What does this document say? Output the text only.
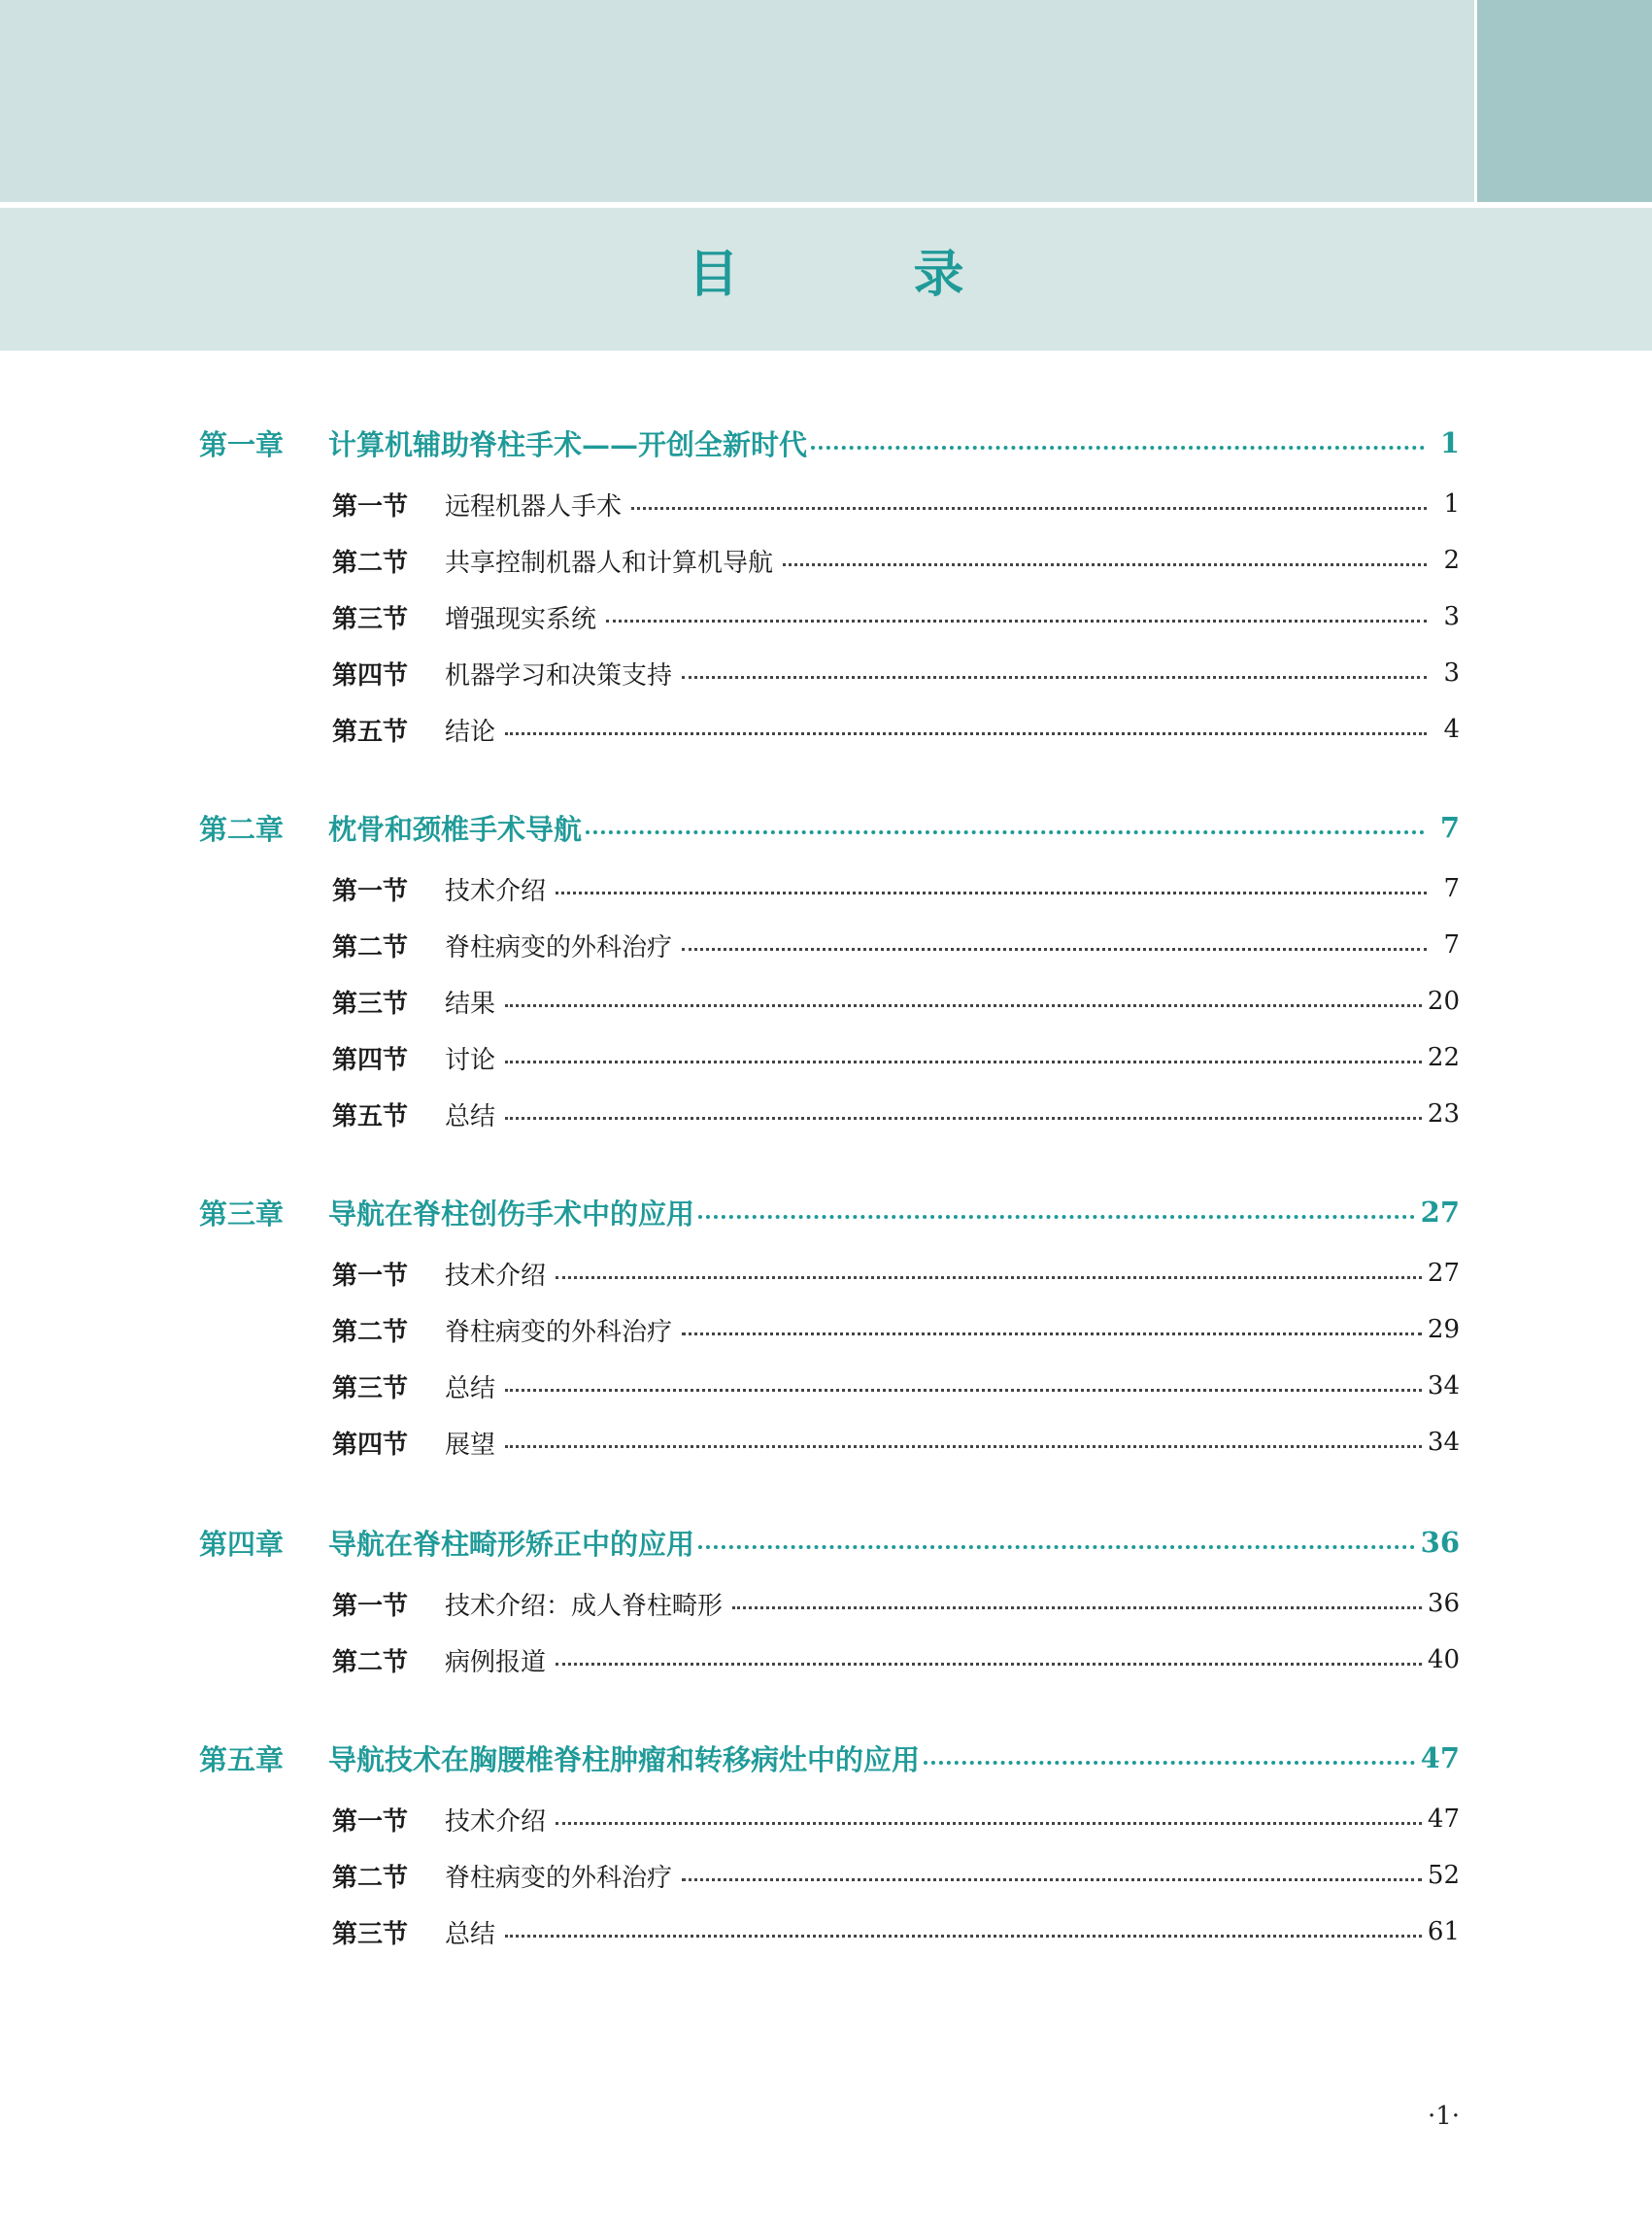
目　录
第一章	计算机辅助脊柱手术——开创全新时代	1
第一节	远程机器人手术	1
第二节	共享控制机器人和计算机导航	2
第三节	增强现实系统	3
第四节	机器学习和决策支持	3
第五节	结论	4
第二章	枕骨和颈椎手术导航	7
第一节	技术介绍	7
第二节	脊柱病变的外科治疗	7
第三节	结果	20
第四节	讨论	22
第五节	总结	23
第三章	导航在脊柱创伤手术中的应用	27
第一节	技术介绍	27
第二节	脊柱病变的外科治疗	29
第三节	总结	34
第四节	展望	34
第四章	导航在脊柱畸形矫正中的应用	36
第一节	技术介绍：成人脊柱畸形	36
第二节	病例报道	40
第五章	导航技术在胸腰椎脊柱肿瘤和转移病灶中的应用	47
第一节	技术介绍	47
第二节	脊柱病变的外科治疗	52
第三节	总结	61
·1·
